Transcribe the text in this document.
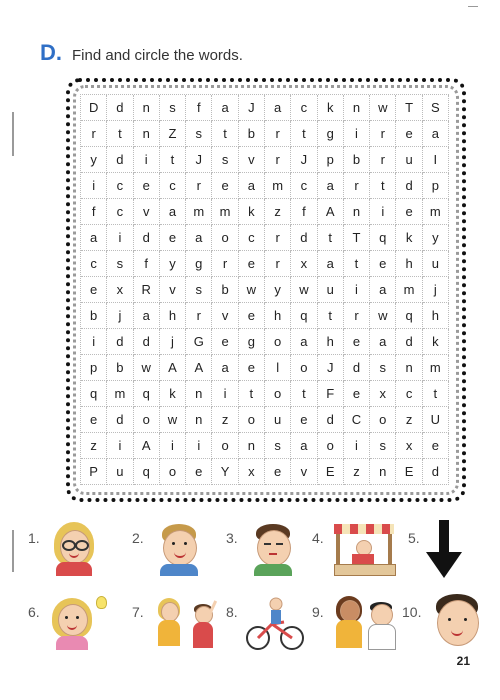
D. Find and circle the words.
D	d	n	s	f	a	J	a	c	k	n	w	T	S
r	t	n	Z	s	t	b	r	t	g	i	r	e	a
y	d	i	t	J	s	v	r	J	p	b	r	u	I
i	c	e	c	r	e	a	m	c	a	r	t	d	p
f	c	v	a	m	m	k	z	f	A	n	i	e	m
a	i	d	e	a	o	c	r	d	t	T	q	k	y
c	s	f	y	g	r	e	r	x	a	t	e	h	u
e	x	R	v	s	b	w	y	w	u	i	a	m	j
b	j	a	h	r	v	e	h	q	t	r	w	q	h
i	d	d	j	G	e	g	o	a	h	e	a	d	k
p	b	w	A	A	a	e	l	o	J	d	s	n	m
q	m	q	k	n	i	t	o	t	F	e	x	c	t
e	d	o	w	n	z	o	u	e	d	C	o	z	U
z	i	A	i	i	o	n	s	a	o	i	s	x	e
P	u	q	o	e	Y	x	e	v	E	z	n	E	d
1.	2.	3.	4.	5.
6.	7.	8.	9.	10.
21
